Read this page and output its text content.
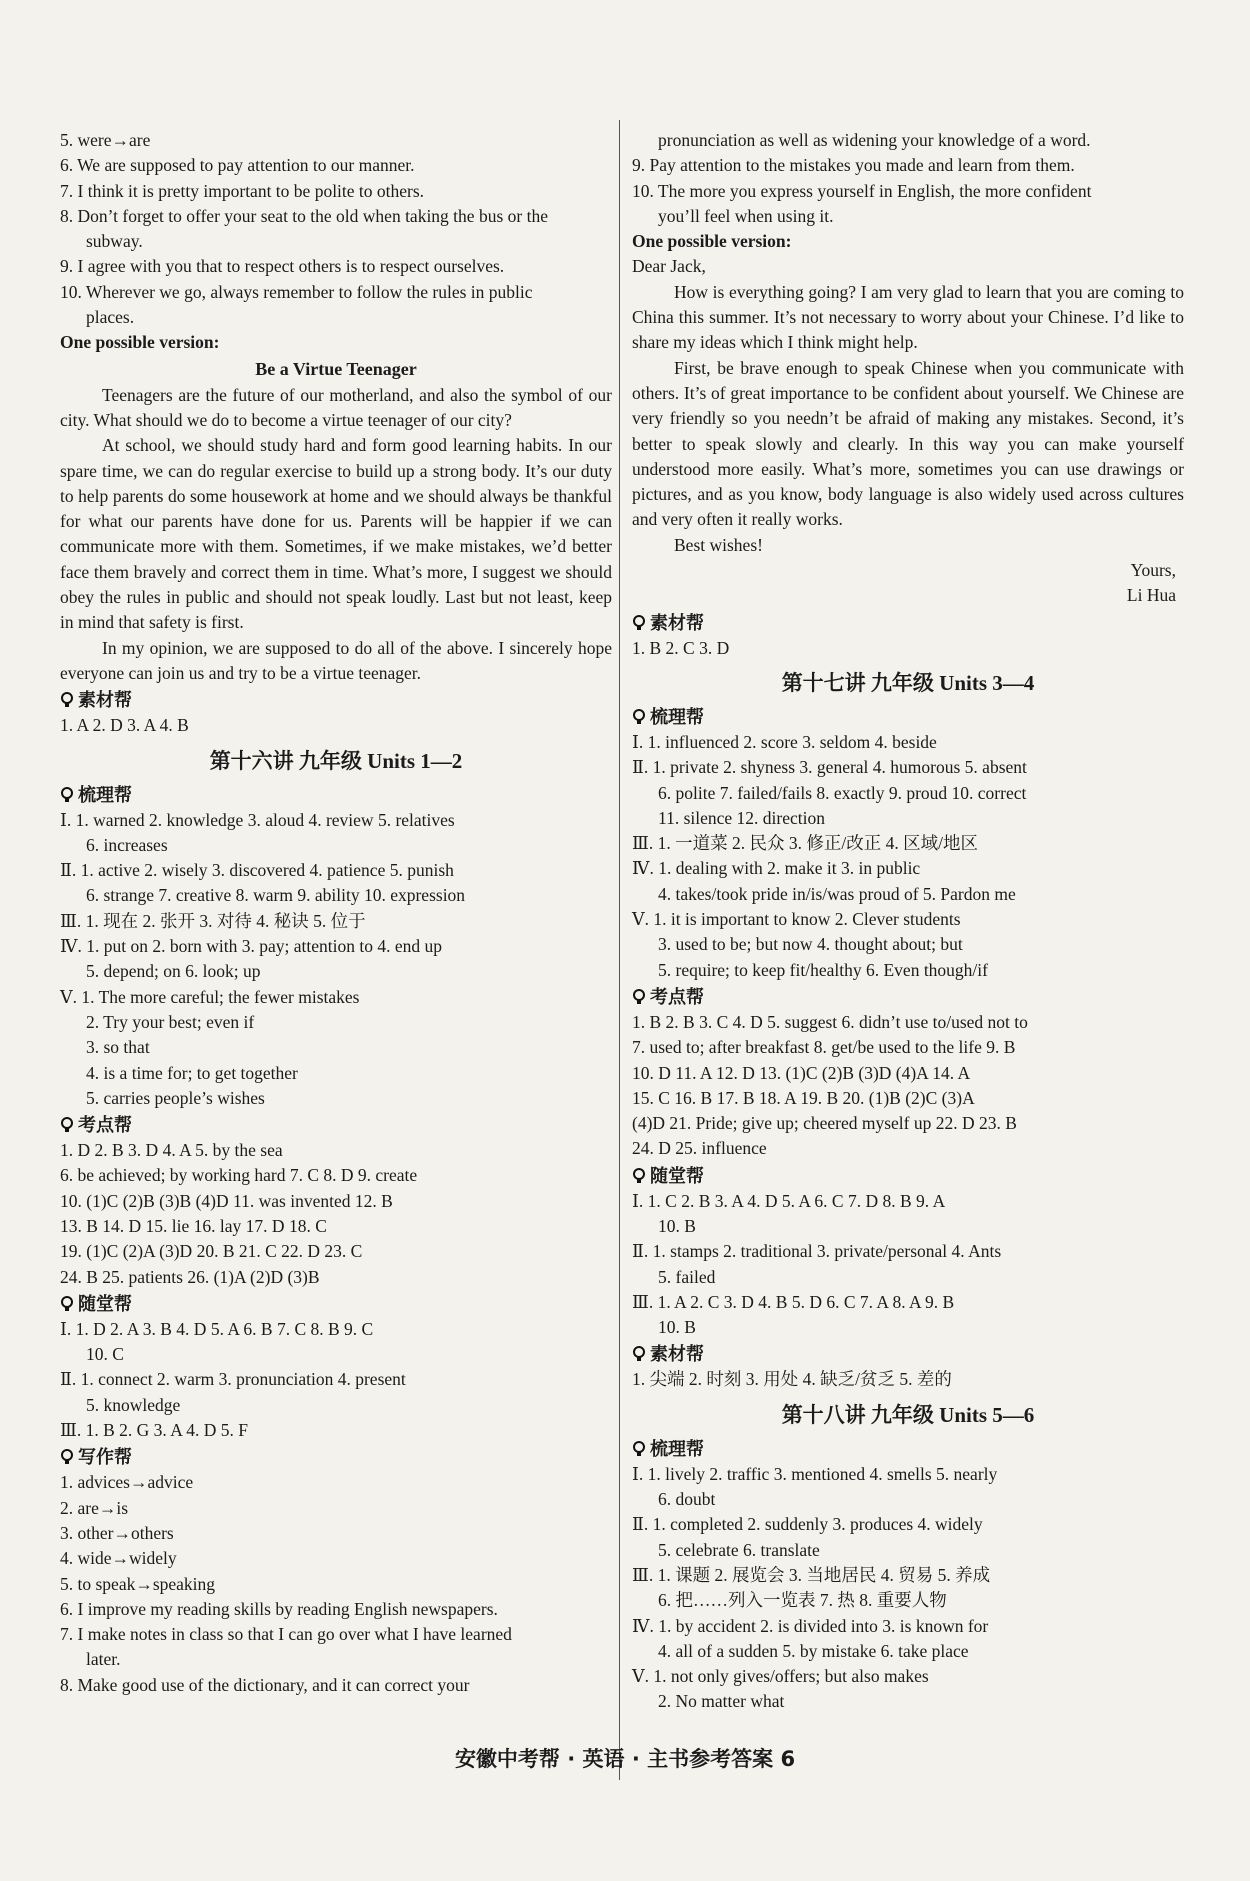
5. were→are
6. We are supposed to pay attention to our manner.
7. I think it is pretty important to be polite to others.
8. Don’t forget to offer your seat to the old when taking the bus or the
subway.
9. I agree with you that to respect others is to respect ourselves.
10. Wherever we go, always remember to follow the rules in public
places.
One possible version:
Be a Virtue Teenager
Teenagers are the future of our motherland, and also the symbol of our city. What should we do to become a virtue teenager of our city?
At school, we should study hard and form good learning habits. In our spare time, we can do regular exercise to build up a strong body. It’s our duty to help parents do some housework at home and we should always be thankful for what our parents have done for us. Parents will be happier if we can communicate more with them. Sometimes, if we make mistakes, we’d better face them bravely and correct them in time. What’s more, I suggest we should obey the rules in public and should not speak loudly. Last but not least, keep in mind that safety is first.
In my opinion, we are supposed to do all of the above. I sincerely hope everyone can join us and try to be a virtue teenager.
素材帮
1. A 2. D 3. A 4. B
第十六讲 九年级 Units 1—2
梳理帮
Ⅰ. 1. warned 2. knowledge 3. aloud 4. review 5. relatives
6. increases
Ⅱ. 1. active 2. wisely 3. discovered 4. patience 5. punish
6. strange 7. creative 8. warm 9. ability 10. expression
Ⅲ. 1. 现在 2. 张开 3. 对待 4. 秘诀 5. 位于
Ⅳ. 1. put on 2. born with 3. pay; attention to 4. end up
5. depend; on 6. look; up
Ⅴ. 1. The more careful; the fewer mistakes
2. Try your best; even if
3. so that
4. is a time for; to get together
5. carries people’s wishes
考点帮
1. D 2. B 3. D 4. A 5. by the sea
6. be achieved; by working hard 7. C 8. D 9. create
10. (1)C (2)B (3)B (4)D 11. was invented 12. B
13. B 14. D 15. lie 16. lay 17. D 18. C
19. (1)C (2)A (3)D 20. B 21. C 22. D 23. C
24. B 25. patients 26. (1)A (2)D (3)B
随堂帮
Ⅰ. 1. D 2. A 3. B 4. D 5. A 6. B 7. C 8. B 9. C
10. C
Ⅱ. 1. connect 2. warm 3. pronunciation 4. present
5. knowledge
Ⅲ. 1. B 2. G 3. A 4. D 5. F
写作帮
1. advices→advice
2. are→is
3. other→others
4. wide→widely
5. to speak→speaking
6. I improve my reading skills by reading English newspapers.
7. I make notes in class so that I can go over what I have learned
later.
8. Make good use of the dictionary, and it can correct your
pronunciation as well as widening your knowledge of a word.
9. Pay attention to the mistakes you made and learn from them.
10. The more you express yourself in English, the more confident
you’ll feel when using it.
One possible version:
Dear Jack,
How is everything going? I am very glad to learn that you are coming to China this summer. It’s not necessary to worry about your Chinese. I’d like to share my ideas which I think might help.
First, be brave enough to speak Chinese when you communicate with others. It’s of great importance to be confident about yourself. We Chinese are very friendly so you needn’t be afraid of making any mistakes. Second, it’s better to speak slowly and clearly. In this way you can make yourself understood more easily. What’s more, sometimes you can use drawings or pictures, and as you know, body language is also widely used across cultures and very often it really works.
Best wishes!
Yours,
Li Hua
素材帮
1. B 2. C 3. D
第十七讲 九年级 Units 3—4
梳理帮
Ⅰ. 1. influenced 2. score 3. seldom 4. beside
Ⅱ. 1. private 2. shyness 3. general 4. humorous 5. absent
6. polite 7. failed/fails 8. exactly 9. proud 10. correct
11. silence 12. direction
Ⅲ. 1. 一道菜 2. 民众 3. 修正/改正 4. 区域/地区
Ⅳ. 1. dealing with 2. make it 3. in public
4. takes/took pride in/is/was proud of 5. Pardon me
Ⅴ. 1. it is important to know 2. Clever students
3. used to be; but now 4. thought about; but
5. require; to keep fit/healthy 6. Even though/if
考点帮
1. B 2. B 3. C 4. D 5. suggest 6. didn’t use to/used not to
7. used to; after breakfast 8. get/be used to the life 9. B
10. D 11. A 12. D 13. (1)C (2)B (3)D (4)A 14. A
15. C 16. B 17. B 18. A 19. B 20. (1)B (2)C (3)A
(4)D 21. Pride; give up; cheered myself up 22. D 23. B
24. D 25. influence
随堂帮
Ⅰ. 1. C 2. B 3. A 4. D 5. A 6. C 7. D 8. B 9. A
10. B
Ⅱ. 1. stamps 2. traditional 3. private/personal 4. Ants
5. failed
Ⅲ. 1. A 2. C 3. D 4. B 5. D 6. C 7. A 8. A 9. B
10. B
素材帮
1. 尖端 2. 时刻 3. 用处 4. 缺乏/贫乏 5. 差的
第十八讲 九年级 Units 5—6
梳理帮
Ⅰ. 1. lively 2. traffic 3. mentioned 4. smells 5. nearly
6. doubt
Ⅱ. 1. completed 2. suddenly 3. produces 4. widely
5. celebrate 6. translate
Ⅲ. 1. 课题 2. 展览会 3. 当地居民 4. 贸易 5. 养成
6. 把……列入一览表 7. 热 8. 重要人物
Ⅳ. 1. by accident 2. is divided into 3. is known for
4. all of a sudden 5. by mistake 6. take place
Ⅴ. 1. not only gives/offers; but also makes
2. No matter what
安徽中考帮 · 英语 · 主书参考答案 6
